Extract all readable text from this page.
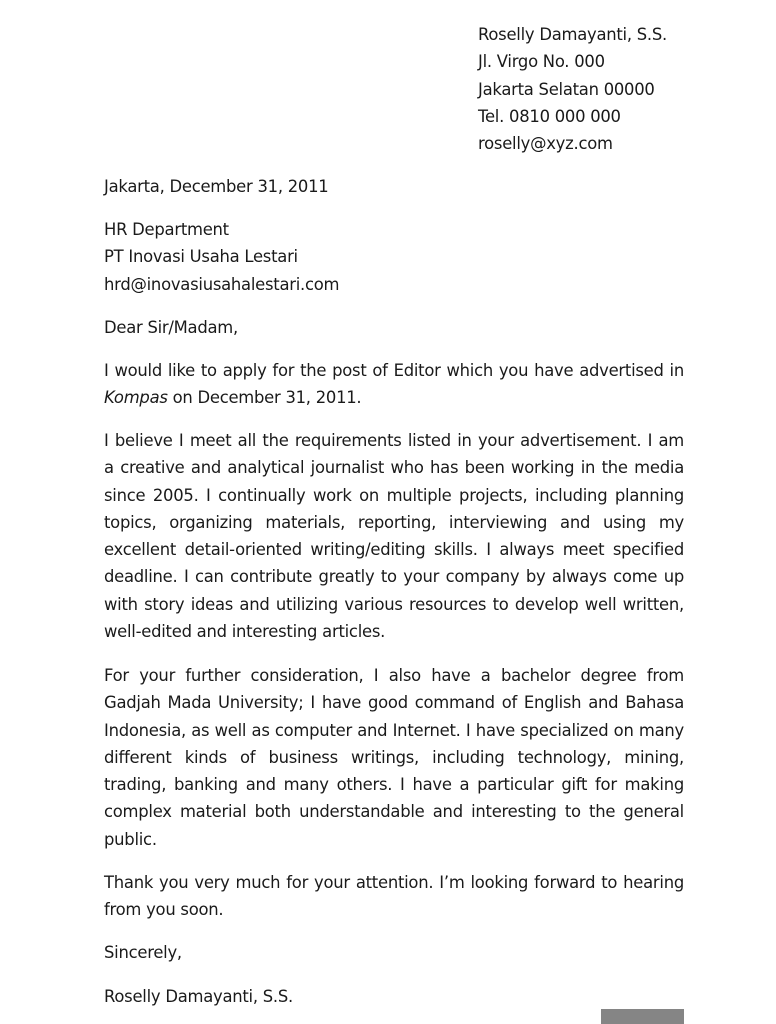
Roselly Damayanti, S.S.
Jl. Virgo No. 000
Jakarta Selatan 00000
Tel. 0810 000 000
roselly@xyz.com
Jakarta, December 31, 2011
HR Department
PT Inovasi Usaha Lestari
hrd@inovasiusahalestari.com
Dear Sir/Madam,
I would like to apply for the post of Editor which you have advertised in
Kompas on December 31, 2011.
I believe I meet all the requirements listed in your advertisement. I am
a creative and analytical journalist who has been working in the media
since 2005. I continually work on multiple projects, including planning
topics, organizing materials, reporting, interviewing and using my
excellent detail-oriented writing/editing skills. I always meet specified
deadline. I can contribute greatly to your company by always come up
with story ideas and utilizing various resources to develop well written,
well-edited and interesting articles.
For your further consideration, I also have a bachelor degree from
Gadjah Mada University; I have good command of English and Bahasa
Indonesia, as well as computer and Internet. I have specialized on many
different kinds of business writings, including technology, mining,
trading, banking and many others. I have a particular gift for making
complex material both understandable and interesting to the general
public.
Thank you very much for your attention. I’m looking forward to hearing
from you soon.
Sincerely,
Roselly Damayanti, S.S.
